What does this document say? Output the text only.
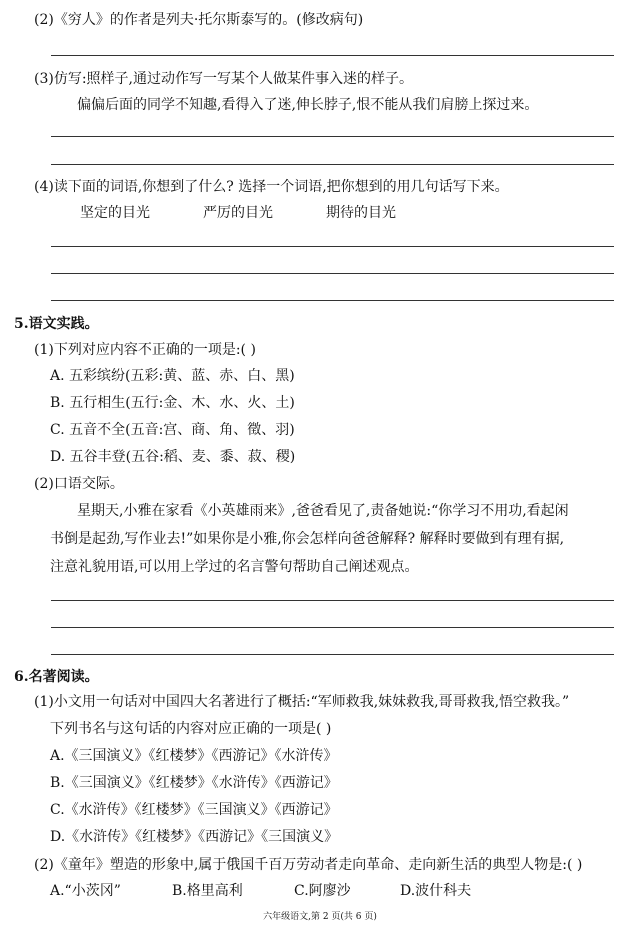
(2)《穷人》的作者是列夫·托尔斯泰写的。(修改病句)
(3)仿写:照样子,通过动作写一写某个人做某件事入迷的样子。
偏偏后面的同学不知趣,看得入了迷,伸长脖子,恨不能从我们肩膀上探过来。
(4)读下面的词语,你想到了什么? 选择一个词语,把你想到的用几句话写下来。
坚定的目光	严厉的目光	期待的目光
5.语文实践。
(1)下列对应内容不正确的一项是:( )
A. 五彩缤纷(五彩:黄、蓝、赤、白、黑)
B. 五行相生(五行:金、木、水、火、土)
C. 五音不全(五音:宫、商、角、徵、羽)
D. 五谷丰登(五谷:稻、麦、黍、菽、稷)
(2)口语交际。
星期天,小雅在家看《小英雄雨来》,爸爸看见了,责备她说:“你学习不用功,看起闲
书倒是起劲,写作业去!”如果你是小雅,你会怎样向爸爸解释? 解释时要做到有理有据,
注意礼貌用语,可以用上学过的名言警句帮助自己阐述观点。
6.名著阅读。
(1)小文用一句话对中国四大名著进行了概括:“军师救我,妹妹救我,哥哥救我,悟空救我。”
下列书名与这句话的内容对应正确的一项是( )
A.《三国演义》《红楼梦》《西游记》《水浒传》
B.《三国演义》《红楼梦》《水浒传》《西游记》
C.《水浒传》《红楼梦》《三国演义》《西游记》
D.《水浒传》《红楼梦》《西游记》《三国演义》
(2)《童年》塑造的形象中,属于俄国千百万劳动者走向革命、走向新生活的典型人物是:( )
A.“小茨冈”	B.格里高利	C.阿廖沙	D.波什科夫
六年级语文,第 2 页(共 6 页)
